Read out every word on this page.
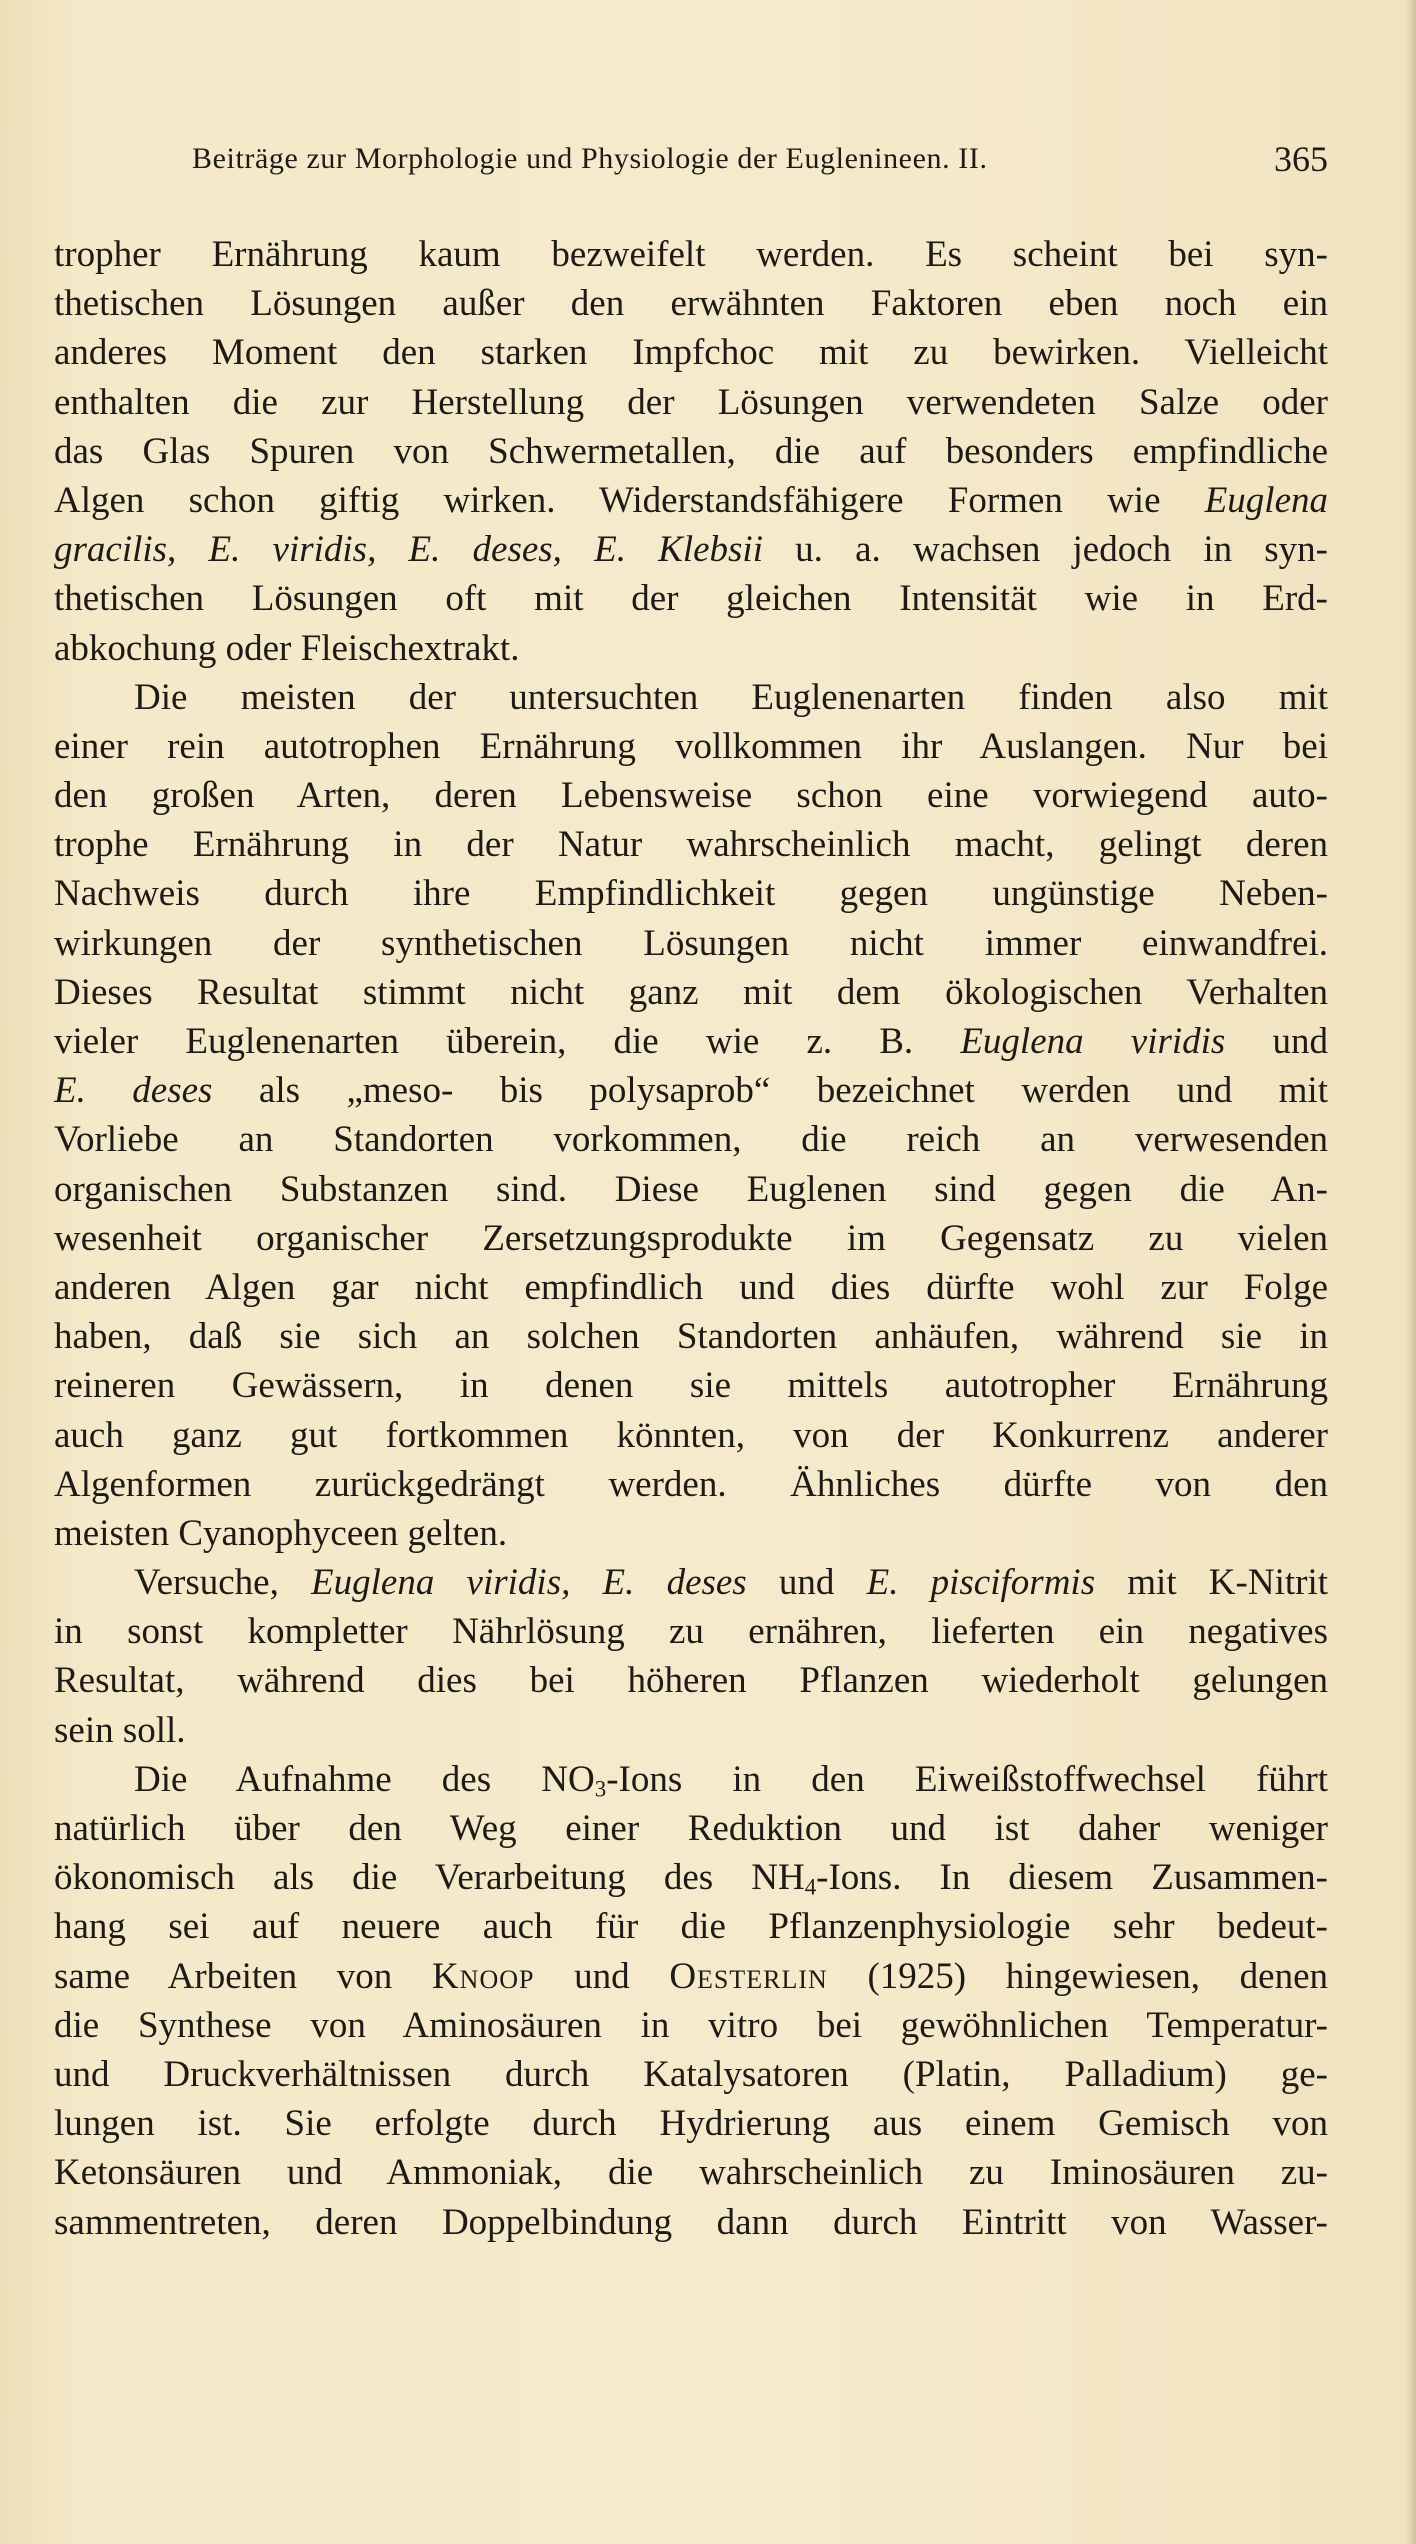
Beiträge zur Morphologie und Physiologie der Euglenineen. II.	365
tropher Ernährung kaum bezweifelt werden. Es scheint bei syn-
thetischen Lösungen außer den erwähnten Faktoren eben noch ein
anderes Moment den starken Impfchoc mit zu bewirken. Vielleicht
enthalten die zur Herstellung der Lösungen verwendeten Salze oder
das Glas Spuren von Schwermetallen, die auf besonders empfindliche
Algen schon giftig wirken. Widerstandsfähigere Formen wie Euglena
gracilis, E. viridis, E. deses, E. Klebsii u. a. wachsen jedoch in syn-
thetischen Lösungen oft mit der gleichen Intensität wie in Erd-
abkochung oder Fleischextrakt.
Die meisten der untersuchten Euglenenarten finden also mit
einer rein autotrophen Ernährung vollkommen ihr Auslangen. Nur bei
den großen Arten, deren Lebensweise schon eine vorwiegend auto-
trophe Ernährung in der Natur wahrscheinlich macht, gelingt deren
Nachweis durch ihre Empfindlichkeit gegen ungünstige Neben-
wirkungen der synthetischen Lösungen nicht immer einwandfrei.
Dieses Resultat stimmt nicht ganz mit dem ökologischen Verhalten
vieler Euglenenarten überein, die wie z. B. Euglena viridis und
E. deses als „meso- bis polysaprob“ bezeichnet werden und mit
Vorliebe an Standorten vorkommen, die reich an verwesenden
organischen Substanzen sind. Diese Euglenen sind gegen die An-
wesenheit organischer Zersetzungsprodukte im Gegensatz zu vielen
anderen Algen gar nicht empfindlich und dies dürfte wohl zur Folge
haben, daß sie sich an solchen Standorten anhäufen, während sie in
reineren Gewässern, in denen sie mittels autotropher Ernährung
auch ganz gut fortkommen könnten, von der Konkurrenz anderer
Algenformen zurückgedrängt werden. Ähnliches dürfte von den
meisten Cyanophyceen gelten.
Versuche, Euglena viridis, E. deses und E. pisciformis mit K-Nitrit
in sonst kompletter Nährlösung zu ernähren, lieferten ein negatives
Resultat, während dies bei höheren Pflanzen wiederholt gelungen
sein soll.
Die Aufnahme des $NO_3$-Ions in den Eiweißstoffwechsel führt
natürlich über den Weg einer Reduktion und ist daher weniger
ökonomisch als die Verarbeitung des $NH_4$-Ions. In diesem Zusammen-
hang sei auf neuere auch für die Pflanzenphysiologie sehr bedeut-
same Arbeiten von Knoop und Oesterlin (1925) hingewiesen, denen
die Synthese von Aminosäuren in vitro bei gewöhnlichen Temperatur-
und Druckverhältnissen durch Katalysatoren (Platin, Palladium) ge-
lungen ist. Sie erfolgte durch Hydrierung aus einem Gemisch von
Ketonsäuren und Ammoniak, die wahrscheinlich zu Iminosäuren zu-
sammentreten, deren Doppelbindung dann durch Eintritt von Wasser-
